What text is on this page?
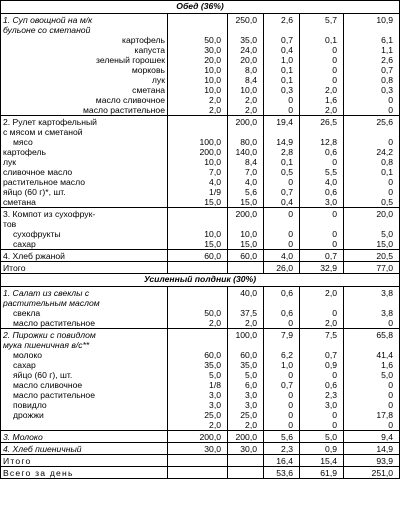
Обед (36%)						
1. Суп овощной на м/к
бульоне со сметаной		250,0	2,6	5,7	10,9	
картофель	50,0	35,0	0,7	0,1	6,1	
капуста	30,0	24,0	0,4	0	1,1	
зеленый горошек	20,0	20,0	1,0	0	2,6	
морковь	10,0	8,0	0,1	0	0,7	
лук	10,0	8,4	0,1	0	0,8	
сметана	10,0	10,0	0,3	2,0	0,3	
масло сливочное	2,0	2,0	0	1,6	0	
масло растительное	2,0	2,0	0	2,0	0	
2. Рулет картофельный
с мясом и сметаной		200,0	19,4	26,5	25,6	
мясо	100,0	80,0	14,9	12,8	0	
картофель	200,0	140,0	2,8	0,6	24,2	
лук	10,0	8,4	0,1	0	0,8	
сливочное масло	7,0	7,0	0,5	5,5	0,1	
растительное масло	4,0	4,0	0	4,0	0	
яйцо (60 г)*, шт.	1/9	5,6	0,7	0,6	0	
сметана	15,0	15,0	0,4	3,0	0,5	
3. Компот из сухофрук-
тов		200,0	0	0	20,0	
сухофрукты	10,0	10,0	0	0	5,0	
сахар	15,0	15,0	0	0	15,0	
4. Хлеб ржаной	60,0	60,0	4,0	0,7	20,5	
Итого			26,0	32,9	77,0	
Усиленный полдник (30%)						
1. Салат из свеклы с
растительным маслом		40,0	0,6	2,0	3,8	
свекла	50,0	37,5	0,6	0	3,8	
масло растительное	2,0	2,0	0	2,0	0	
2. Пирожки с повидлом
мука пшеничная в/с**		100,0	7,9	7,5	65,8	
молоко	60,0	60,0	6,2	0,7	41,4	
сахар	35,0	35,0	1,0	0,9	1,6	
яйцо (60 г), шт.	5,0	5,0	0	0	5,0	
масло сливочное	1/8	6,0	0,7	0,6	0	
масло растительное	3,0	3,0	0	2,3	0	
повидло	3,0	3,0	0	3,0	0	
дрожжи	25,0	25,0	0	0	17,8	
	2,0	2,0	0	0	0	
3. Молоко	200,0	200,0	5,6	5,0	9,4	
4. Хлеб пшеничный	30,0	30,0	2,3	0,9	14,9	
Итого			16,4	15,4	93,9	
Всего за день			53,6	61,9	251,0	
